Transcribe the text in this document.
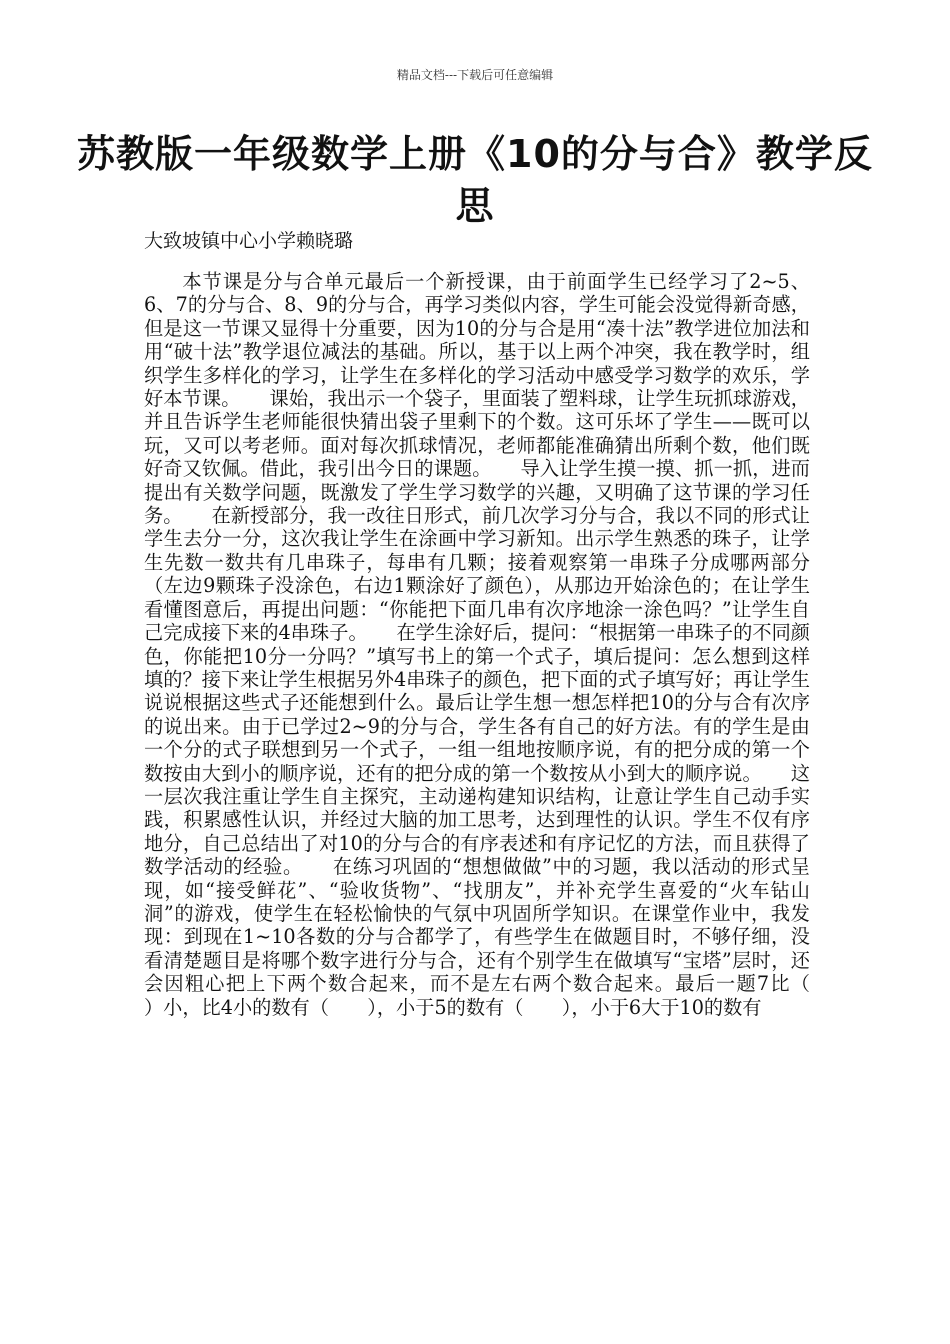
精品文档---下载后可任意编辑
苏教版一年级数学上册《10的分与合》教学反思
大致坡镇中心小学赖晓璐

本节课是分与合单元最后一个新授课，由于前面学生已经学习了2~5、6、7的分与合、8、9的分与合，再学习类似内容，学生可能会没觉得新奇感，但是这一节课又显得十分重要，因为10的分与合是用“凑十法”教学进位加法和用“破十法”教学退位减法的基础。所以，基于以上两个冲突，我在教学时，组织学生多样化的学习，让学生在多样化的学习活动中感受学习数学的欢乐，学好本节课。　　课始，我出示一个袋子，里面装了塑料球，让学生玩抓球游戏，并且告诉学生老师能很快猜出袋子里剩下的个数。这可乐坏了学生——既可以玩，又可以考老师。面对每次抓球情况，老师都能准确猜出所剩个数，他们既好奇又钦佩。借此，我引出今日的课题。　　导入让学生摸一摸、抓一抓，进而提出有关数学问题，既激发了学生学习数学的兴趣，又明确了这节课的学习任务。　　在新授部分，我一改往日形式，前几次学习分与合，我以不同的形式让学生去分一分，这次我让学生在涂画中学习新知。出示学生熟悉的珠子，让学生先数一数共有几串珠子，每串有几颗；接着观察第一串珠子分成哪两部分（左边9颗珠子没涂色，右边1颗涂好了颜色），从那边开始涂色的；在让学生看懂图意后，再提出问题：“你能把下面几串有次序地涂一涂色吗？”让学生自己完成接下来的4串珠子。　　在学生涂好后，提问：“根据第一串珠子的不同颜色，你能把10分一分吗？”填写书上的第一个式子，填后提问：怎么想到这样填的？接下来让学生根据另外4串珠子的颜色，把下面的式子填写好；再让学生说说根据这些式子还能想到什么。最后让学生想一想怎样把10的分与合有次序的说出来。由于已学过2~9的分与合，学生各有自己的好方法。有的学生是由一个分的式子联想到另一个式子，一组一组地按顺序说，有的把分成的第一个数按由大到小的顺序说，还有的把分成的第一个数按从小到大的顺序说。　　这一层次我注重让学生自主探究，主动递构建知识结构，让意让学生自己动手实践，积累感性认识，并经过大脑的加工思考，达到理性的认识。学生不仅有序地分，自己总结出了对10的分与合的有序表述和有序记忆的方法，而且获得了数学活动的经验。　　在练习巩固的“想想做做”中的习题，我以活动的形式呈现，如“接受鲜花”、“验收货物”、“找朋友”，并补充学生喜爱的“火车钻山洞”的游戏，使学生在轻松愉快的气氛中巩固所学知识。在课堂作业中，我发现：到现在1~10各数的分与合都学了，有些学生在做题目时，不够仔细，没看清楚题目是将哪个数字进行分与合，还有个别学生在做填写“宝塔”层时，还会因粗心把上下两个数合起来，而不是左右两个数合起来。最后一题7比（　　　）小，比4小的数有（　　），小于5的数有（　　），小于6大于10的数有
